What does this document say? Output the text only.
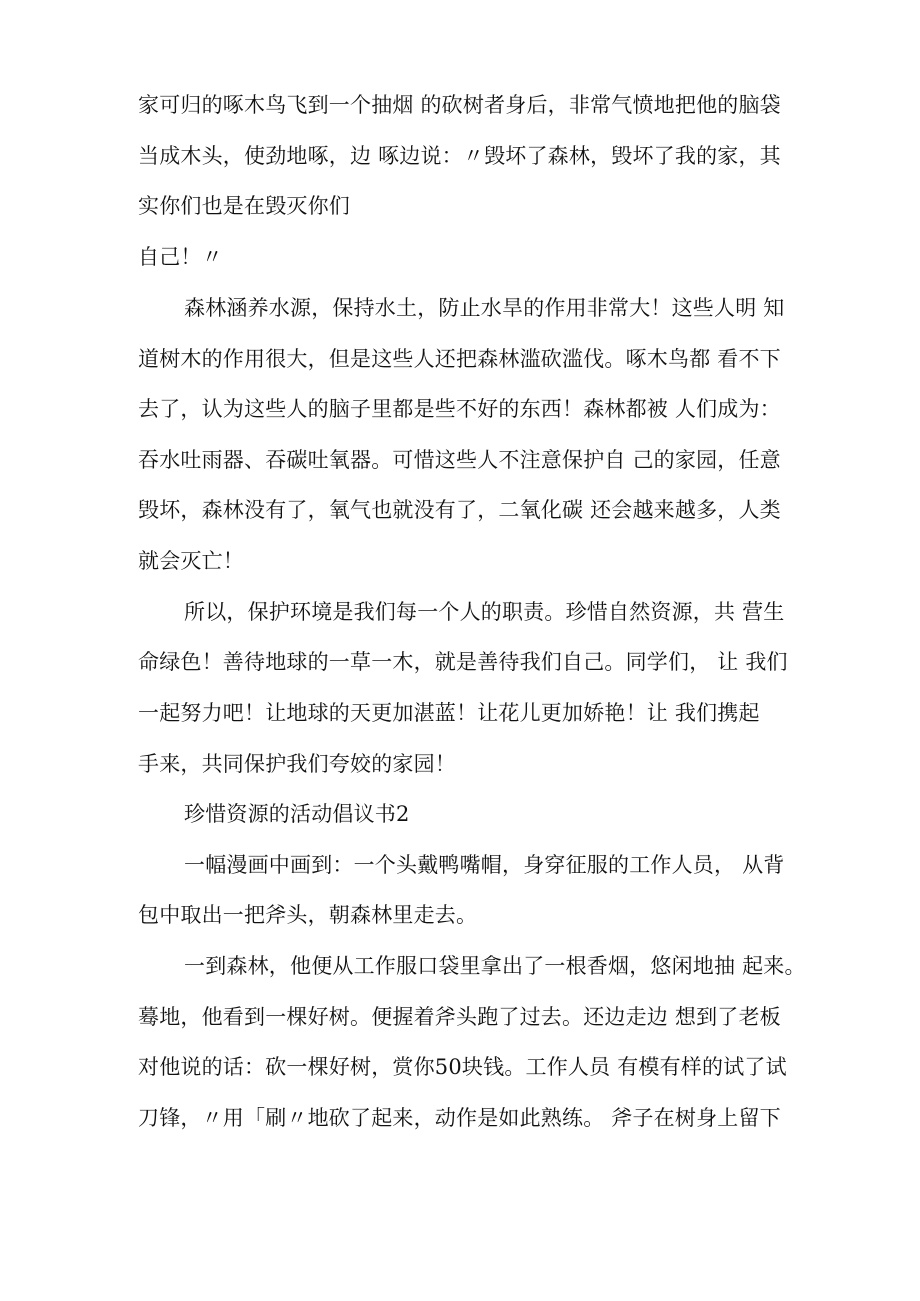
家可归的啄木鸟飞到一个抽烟 的砍树者身后，非常气愤地把他的脑袋

当成木头，使劲地啄，边 啄边说：〃毁坏了森林，毁坏了我的家，其

实你们也是在毁灭你们

自己！〃

森林涵养水源，保持水土，防止水旱的作用非常大！这些人明 知

道树木的作用很大，但是这些人还把森林滥砍滥伐。啄木鸟都 看不下

去了，认为这些人的脑子里都是些不好的东西！森林都被 人们成为：

吞水吐雨器、吞碳吐氧器。可惜这些人不注意保护自 己的家园，任意

毁坏，森林没有了，氧气也就没有了，二氧化碳 还会越来越多，人类

就会灭亡！

所以，保护环境是我们每一个人的职责。珍惜自然资源，共 营生

命绿色！善待地球的一草一木，就是善待我们自己。同学们， 让 我们

一起努力吧！让地球的天更加湛蓝！让花儿更加娇艳！让 我们携起

手来，共同保护我们夸姣的家园！

珍惜资源的活动倡议书2

一幅漫画中画到：一个头戴鸭嘴帽，身穿征服的工作人员， 从背

包中取出一把斧头，朝森林里走去。

一到森林，他便从工作服口袋里拿出了一根香烟，悠闲地抽 起来。

蓦地，他看到一棵好树。便握着斧头跑了过去。还边走边 想到了老板

对他说的话：砍一棵好树，赏你50块钱。工作人员 有模有样的试了试

刀锋，〃用「刷〃地砍了起来，动作是如此熟练。 斧子在树身上留下
